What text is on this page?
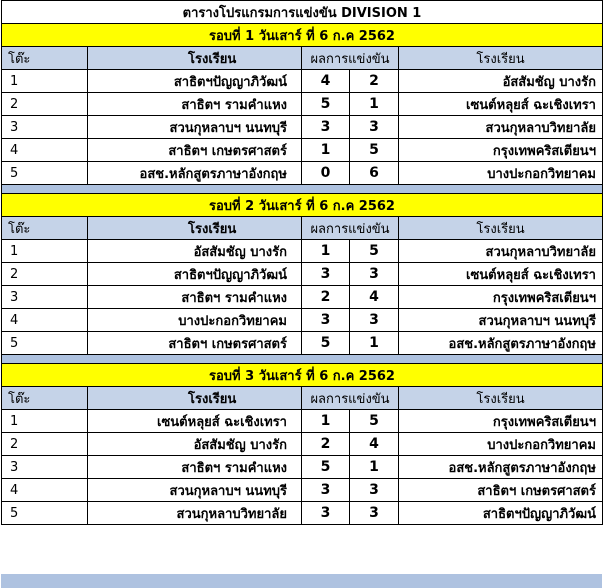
ตารางโปรแกรมการแข่งขัน DIVISION 1				
รอบที่ 1 วันเสาร์ ที่ 6 ก.ค 2562				
โต๊ะ	โรงเรียน	ผลการแข่งขัน		โรงเรียน
1	สาธิตฯปัญญาภิวัฒน์	4	2	อัสสัมชัญ บางรัก
2	สาธิตฯ รามคำแหง	5	1	เซนต์หลุยส์ ฉะเชิงเทรา
3	สวนกุหลาบฯ นนทบุรี	3	3	สวนกุหลาบวิทยาลัย
4	สาธิตฯ เกษตรศาสตร์	1	5	กรุงเทพคริสเตียนฯ
5	อสช.หลักสูตรภาษาอังกฤษ	0	6	บางปะกอกวิทยาคม

รอบที่ 2 วันเสาร์ ที่ 6 ก.ค 2562				
โต๊ะ	โรงเรียน	ผลการแข่งขัน		โรงเรียน
1	อัสสัมชัญ บางรัก	1	5	สวนกุหลาบวิทยาลัย
2	สาธิตฯปัญญาภิวัฒน์	3	3	เซนต์หลุยส์ ฉะเชิงเทรา
3	สาธิตฯ รามคำแหง	2	4	กรุงเทพคริสเตียนฯ
4	บางปะกอกวิทยาคม	3	3	สวนกุหลาบฯ นนทบุรี
5	สาธิตฯ เกษตรศาสตร์	5	1	อสช.หลักสูตรภาษาอังกฤษ

รอบที่ 3 วันเสาร์ ที่ 6 ก.ค 2562				
โต๊ะ	โรงเรียน	ผลการแข่งขัน		โรงเรียน
1	เซนต์หลุยส์ ฉะเชิงเทรา	1	5	กรุงเทพคริสเตียนฯ
2	อัสสัมชัญ บางรัก	2	4	บางปะกอกวิทยาคม
3	สาธิตฯ รามคำแหง	5	1	อสช.หลักสูตรภาษาอังกฤษ
4	สวนกุหลาบฯ นนทบุรี	3	3	สาธิตฯ เกษตรศาสตร์
5	สวนกุหลาบวิทยาลัย	3	3	สาธิตฯปัญญาภิวัฒน์
